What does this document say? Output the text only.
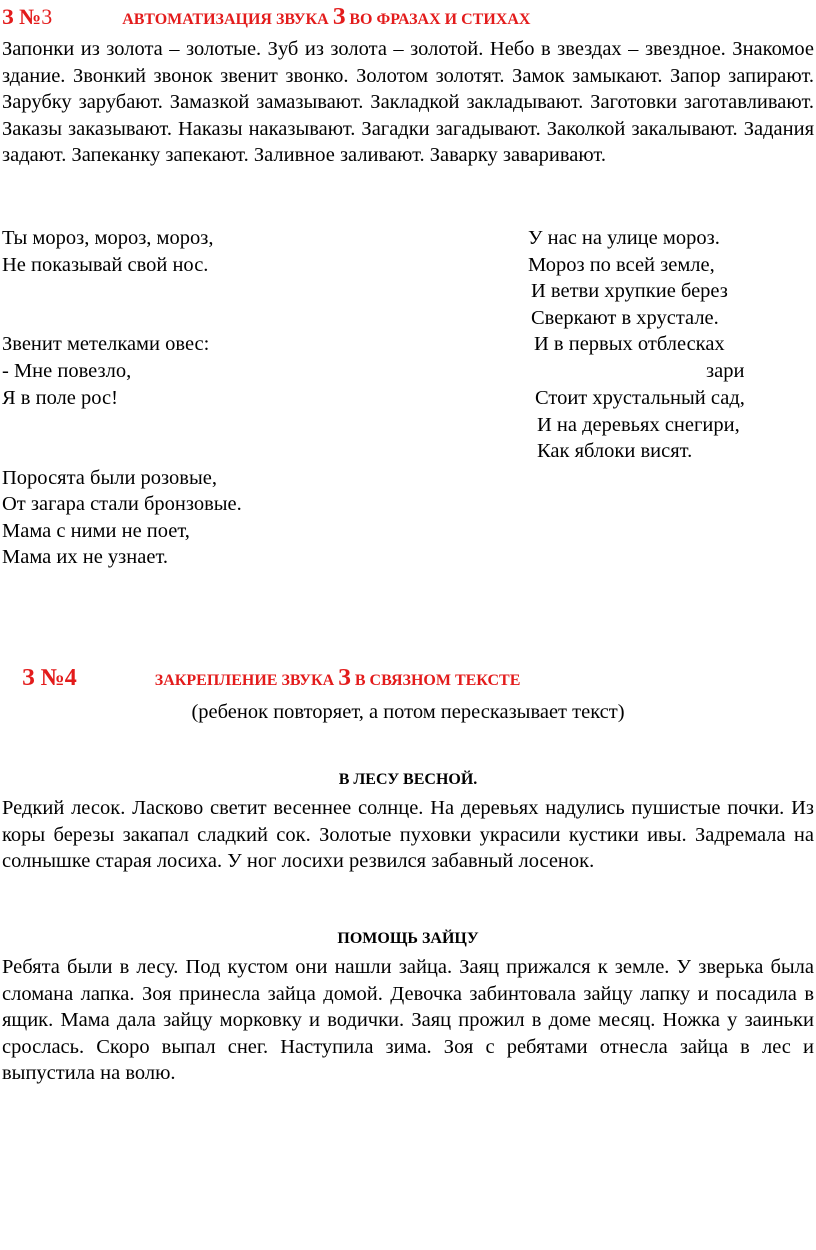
З №3	АВТОМАТИЗАЦИЯ ЗВУКА З ВО ФРАЗАХ И СТИХАХ

Запонки из золота – золотые. Зуб из золота – золотой. Небо в звездах – звездное. Знакомое здание. Звонкий звонок звенит звонко. Золотом золотят. Замок замыкают. Запор запирают. Зарубку зарубают. Замазкой замазывают. Закладкой закладывают. Заготовки заготавливают. Заказы заказывают. Наказы наказывают. Загадки загадывают. Заколкой закалывают. Задания задают. Запеканку запекают. Заливное заливают. Заварку заваривают.

Ты мороз, мороз, мороз,
Не показывай свой нос.
Звенит метелками овес:
- Мне повезло,
Я в поле рос!
Поросята были розовые,
От загара стали бронзовые.
Мама с ними не поет,
Мама их не узнает.
У нас на улице мороз.
Мороз по всей земле,
И ветви хрупкие берез
Сверкают в хрустале.
И в первых отблесках
зари
Стоит хрустальный сад,
И на деревьях снегири,
Как яблоки висят.
З №4	ЗАКРЕПЛЕНИЕ ЗВУКА З В СВЯЗНОМ ТЕКСТЕ
(ребенок повторяет, а потом пересказывает текст)
В ЛЕСУ ВЕСНОЙ.

Редкий лесок. Ласково светит весеннее солнце. На деревьях надулись пушистые почки. Из коры березы закапал сладкий сок. Золотые пуховки украсили кустики ивы. Задремала на солнышке старая лосиха. У ног лосихи резвился забавный лосенок.

ПОМОЩЬ ЗАЙЦУ

Ребята были в лесу. Под кустом они нашли зайца. Заяц прижался к земле. У зверька была сломана лапка. Зоя принесла зайца домой. Девочка забинтовала зайцу лапку и посадила в ящик. Мама дала зайцу морковку и водички. Заяц прожил в доме месяц. Ножка у заиньки срослась. Скоро выпал снег. Наступила зима. Зоя с ребятами отнесла зайца в лес и выпустила на волю.
